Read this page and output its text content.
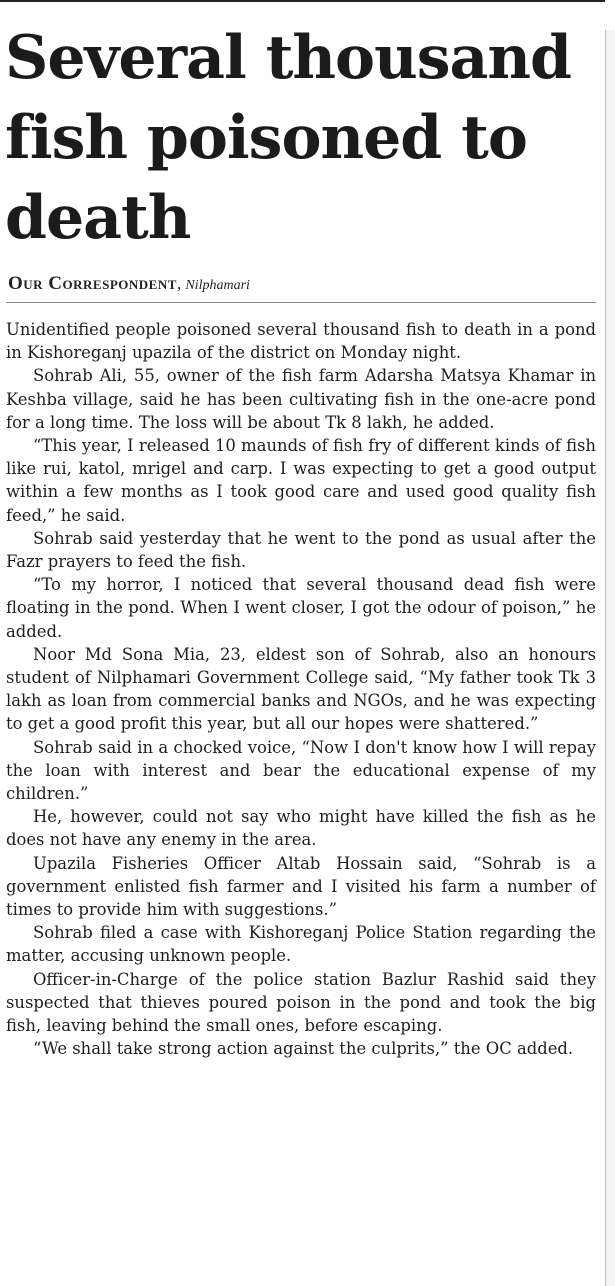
Several thousand fish poisoned to death
Our Correspondent, Nilphamari

Unidentified people poisoned several thousand fish to death in a pond in Kishoreganj upazila of the district on Monday night.

Sohrab Ali, 55, owner of the fish farm Adarsha Matsya Khamar in Keshba village, said he has been cultivating fish in the one-acre pond for a long time. The loss will be about Tk 8 lakh, he added.

“This year, I released 10 maunds of fish fry of different kinds of fish like rui, katol, mrigel and carp. I was expecting to get a good output within a few months as I took good care and used good quality fish feed,” he said.

Sohrab said yesterday that he went to the pond as usual after the Fazr prayers to feed the fish.

“To my horror, I noticed that several thousand dead fish were floating in the pond. When I went closer, I got the odour of poison,” he added.

Noor Md Sona Mia, 23, eldest son of Sohrab, also an honours student of Nilphamari Government College said, “My father took Tk 3 lakh as loan from commercial banks and NGOs, and he was expecting to get a good profit this year, but all our hopes were shattered.”

Sohrab said in a chocked voice, “Now I don't know how I will repay the loan with interest and bear the educational expense of my children.”

He, however, could not say who might have killed the fish as he does not have any enemy in the area.

Upazila Fisheries Officer Altab Hossain said, “Sohrab is a government enlisted fish farmer and I visited his farm a number of times to provide him with suggestions.”

Sohrab filed a case with Kishoreganj Police Station regarding the matter, accusing unknown people.

Officer-in-Charge of the police station Bazlur Rashid said they suspected that thieves poured poison in the pond and took the big fish, leaving behind the small ones, before escaping.

“We shall take strong action against the culprits,” the OC added.
